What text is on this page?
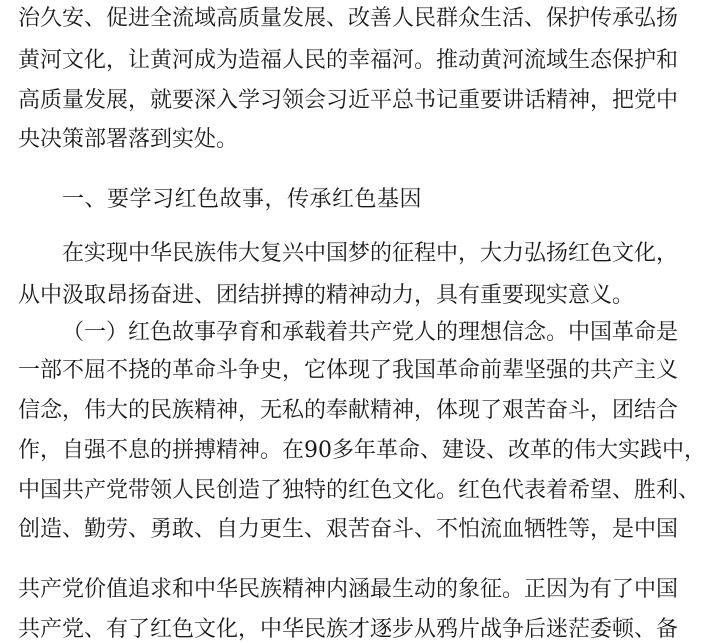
治久安、促进全流域高质量发展、改善人民群众生活、保护传承弘扬
黄河文化，让黄河成为造福人民的幸福河。推动黄河流域生态保护和
高质量发展，就要深入学习领会习近平总书记重要讲话精神，把党中
央决策部署落到实处。
一、要学习红色故事，传承红色基因
在实现中华民族伟大复兴中国梦的征程中，大力弘扬红色文化，
从中汲取昂扬奋进、团结拼搏的精神动力，具有重要现实意义。
（一）红色故事孕育和承载着共产党人的理想信念。中国革命是
一部不屈不挠的革命斗争史，它体现了我国革命前辈坚强的共产主义
信念，伟大的民族精神，无私的奉献精神，体现了艰苦奋斗，团结合
作，自强不息的拼搏精神。在90多年革命、建设、改革的伟大实践中，
中国共产党带领人民创造了独特的红色文化。红色代表着希望、胜利、
创造、勤劳、勇敢、自力更生、艰苦奋斗、不怕流血牺牲等，是中国
共产党价值追求和中华民族精神内涵最生动的象征。正因为有了中国
共产党、有了红色文化，中华民族才逐步从鸦片战争后迷茫委顿、备
